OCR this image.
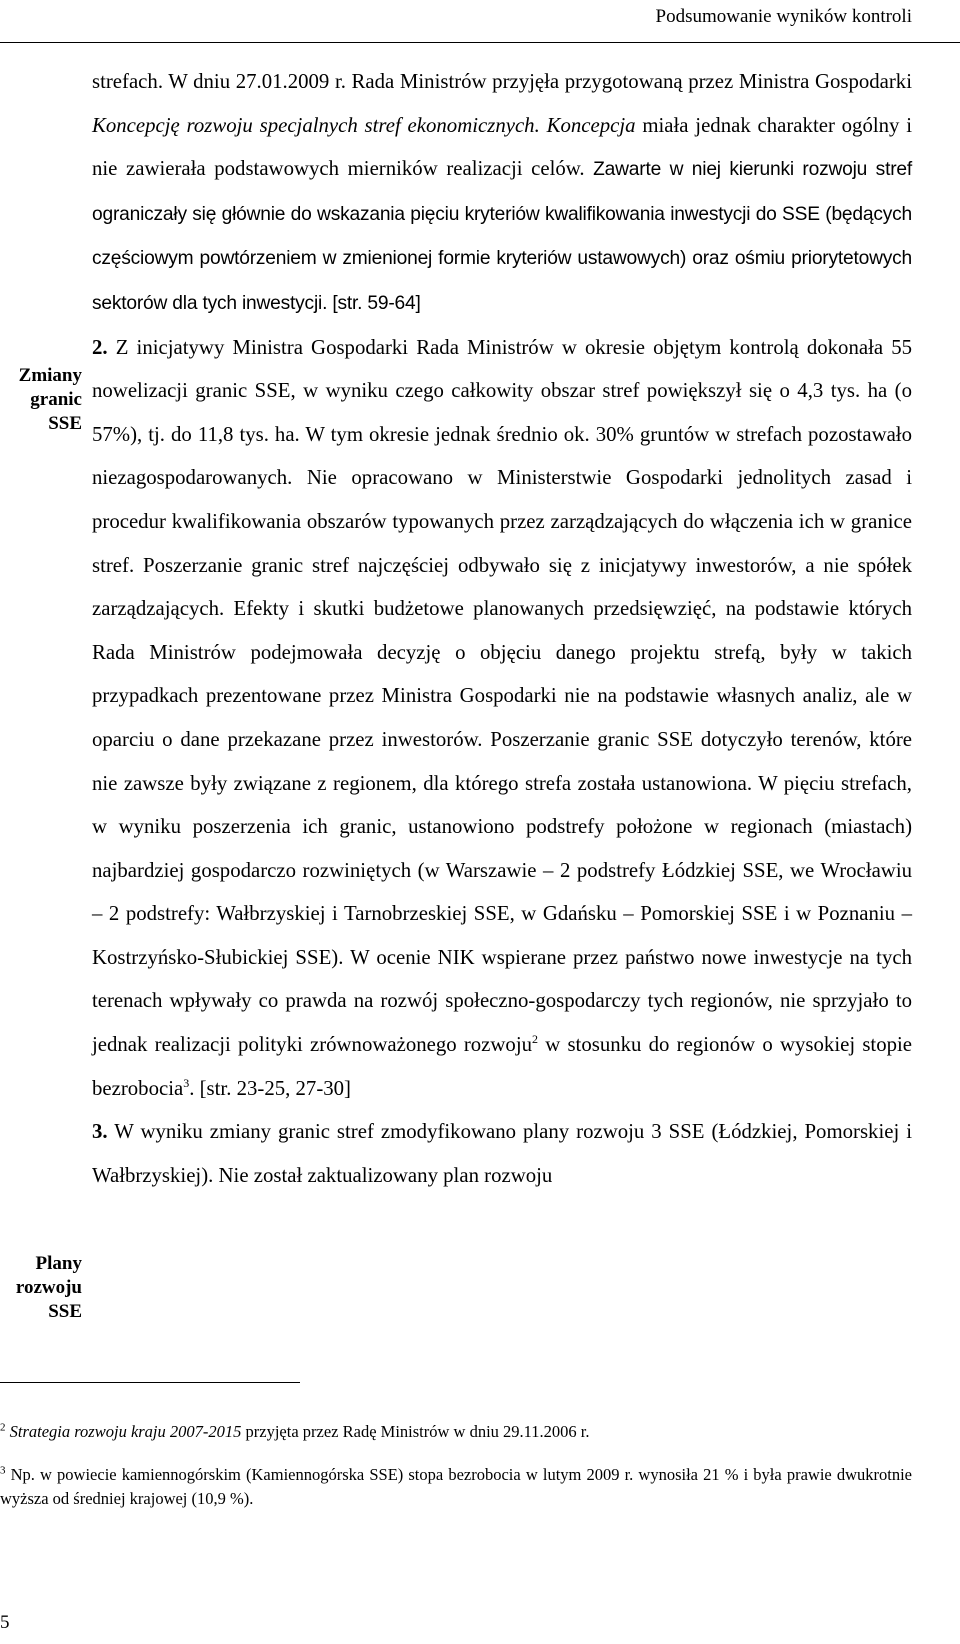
Podsumowanie wyników kontroli
Zmiany
granic
SSE
Plany
rozwoju
SSE

strefach. W dniu 27.01.2009 r. Rada Ministrów przyjęła przygotowaną przez Ministra Gospodarki Koncepcję rozwoju specjalnych stref ekonomicznych. Koncepcja miała jednak charakter ogólny i nie zawierała podstawowych mierników realizacji celów. Zawarte w niej kierunki rozwoju stref ograniczały się głównie do wskazania pięciu kryteriów kwalifikowania inwestycji do SSE (będących częściowym powtórzeniem w zmienionej formie kryteriów ustawowych) oraz ośmiu priorytetowych sektorów dla tych inwestycji. [str. 59-64]

2. Z inicjatywy Ministra Gospodarki Rada Ministrów w okresie objętym kontrolą dokonała 55 nowelizacji granic SSE, w wyniku czego całkowity obszar stref powiększył się o 4,3 tys. ha (o 57%), tj. do 11,8 tys. ha. W tym okresie jednak średnio ok. 30% gruntów w strefach pozostawało niezagospodarowanych. Nie opracowano w Ministerstwie Gospodarki jednolitych zasad i procedur kwalifikowania obszarów typowanych przez zarządzających do włączenia ich w granice stref. Poszerzanie granic stref najczęściej odbywało się z inicjatywy inwestorów, a nie spółek zarządzających. Efekty i skutki budżetowe planowanych przedsięwzięć, na podstawie których Rada Ministrów podejmowała decyzję o objęciu danego projektu strefą, były w takich przypadkach prezentowane przez Ministra Gospodarki nie na podstawie własnych analiz, ale w oparciu o dane przekazane przez inwestorów. Poszerzanie granic SSE dotyczyło terenów, które nie zawsze były związane z regionem, dla którego strefa została ustanowiona. W pięciu strefach, w wyniku poszerzenia ich granic, ustanowiono podstrefy położone w regionach (miastach) najbardziej gospodarczo rozwiniętych (w Warszawie – 2 podstrefy Łódzkiej SSE, we Wrocławiu – 2 podstrefy: Wałbrzyskiej i Tarnobrzeskiej SSE, w Gdańsku – Pomorskiej SSE i w Poznaniu – Kostrzyńsko-Słubickiej SSE). W ocenie NIK wspierane przez państwo nowe inwestycje na tych terenach wpływały co prawda na rozwój społeczno-gospodarczy tych regionów, nie sprzyjało to jednak realizacji polityki zrównoważonego rozwoju$^2$ w stosunku do regionów o wysokiej stopie bezrobocia$^3$. [str. 23-25, 27-30]

3. W wyniku zmiany granic stref zmodyfikowano plany rozwoju 3 SSE (Łódzkiej, Pomorskiej i Wałbrzyskiej). Nie został zaktualizowany plan rozwoju

$^2$ Strategia rozwoju kraju 2007-2015 przyjęta przez Radę Ministrów w dniu 29.11.2006 r.
$^3$ Np. w powiecie kamiennogórskim (Kamiennogórska SSE) stopa bezrobocia w lutym 2009 r. wynosiła 21 % i była prawie dwukrotnie wyższa od średniej krajowej (10,9 %).
5
